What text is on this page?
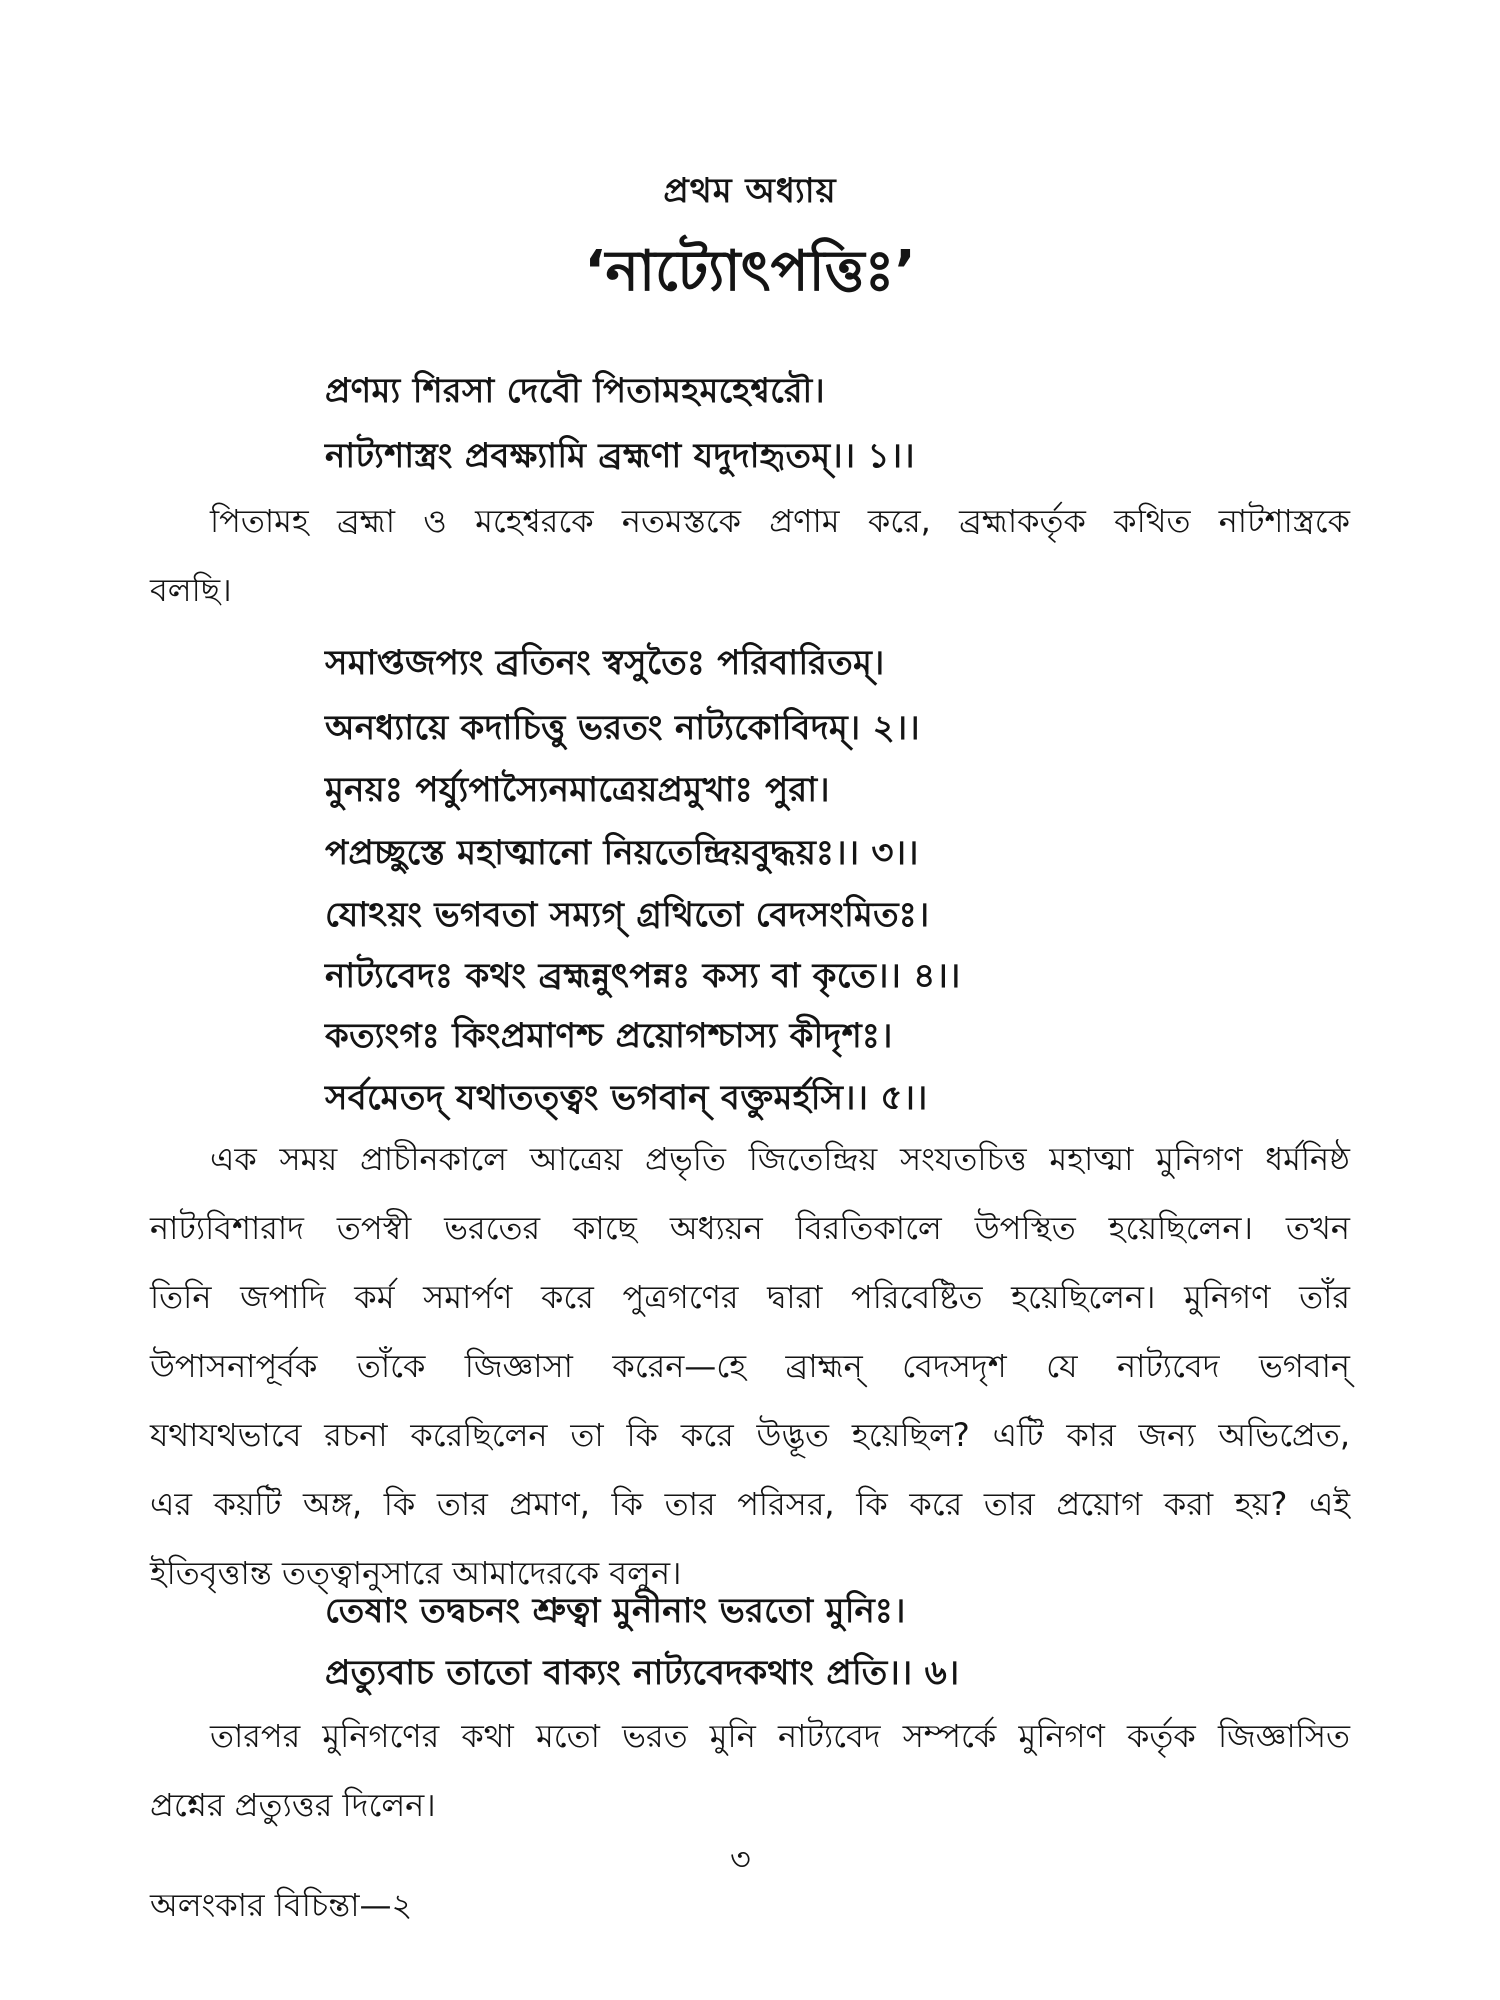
প্রথম অধ্যায়
‘নাট্যোৎপত্তিঃ’
প্রণম্য শিরসা দেবৌ পিতামহমহেশ্বরৌ।
নাট্যশাস্ত্রং প্রবক্ষ্যামি ব্রহ্মণা যদুদাহৃতম্।। ১।।

পিতামহ ব্রহ্মা ও মহেশ্বরকে নতমস্তকে প্রণাম করে, ব্রহ্মাকর্তৃক কথিত নাটশাস্ত্রকে
বলছি।

সমাপ্তজপ্যং ব্রতিনং স্বসুতৈঃ পরিবারিতম্।
অনধ্যায়ে কদাচিত্তু ভরতং নাট্যকোবিদম্। ২।।
মুনয়ঃ পর্য্যুপাস্যৈনমাত্রেয়প্রমুখাঃ পুরা।
পপ্রচ্ছুস্তে মহাত্মানো নিয়তেন্দ্রিয়বুদ্ধয়ঃ।। ৩।।
যোঽয়ং ভগবতা সম্যগ্ গ্রথিতো বেদসংমিতঃ।
নাট্যবেদঃ কথং ব্রহ্মন্নুৎপন্নঃ কস্য বা কৃতে।। ৪।।
কত্যংগঃ কিংপ্রমাণশ্চ প্রয়োগশ্চাস্য কীদৃশঃ।
সর্বমেতদ্ যথাতত্ত্বং ভগবান্ বক্তুমর্হসি।। ৫।।

এক সময় প্রাচীনকালে আত্রেয় প্রভৃতি জিতেন্দ্রিয় সংযতচিত্ত মহাত্মা মুনিগণ ধর্মনিষ্ঠ
নাট্যবিশারাদ তপস্বী ভরতের কাছে অধ্যয়ন বিরতিকালে উপস্থিত হয়েছিলেন। তখন
তিনি জপাদি কর্ম সমার্পণ করে পুত্রগণের দ্বারা পরিবেষ্টিত হয়েছিলেন। মুনিগণ তাঁর
উপাসনাপূর্বক তাঁকে জিজ্ঞাসা করেন—হে ব্রাহ্মন্ বেদসদৃশ যে নাট্যবেদ ভগবান্
যথাযথভাবে রচনা করেছিলেন তা কি করে উদ্ভূত হয়েছিল? এটি কার জন্য অভিপ্রেত,
এর কয়টি অঙ্গ, কি তার প্রমাণ, কি তার পরিসর, কি করে তার প্রয়োগ করা হয়? এই
ইতিবৃত্তান্ত তত্ত্বানুসারে আমাদেরকে বলুন।

তেষাং তদ্বচনং শ্রুত্বা মুনীনাং ভরতো মুনিঃ।
প্রত্যুবাচ তাতো বাক্যং নাট্যবেদকথাং প্রতি।। ৬।

তারপর মুনিগণের কথা মতো ভরত মুনি নাট্যবেদ সম্পর্কে মুনিগণ কর্তৃক জিজ্ঞাসিত
প্রশ্নের প্রত্যুত্তর দিলেন।

৩
অলংকার বিচিন্তা—২
